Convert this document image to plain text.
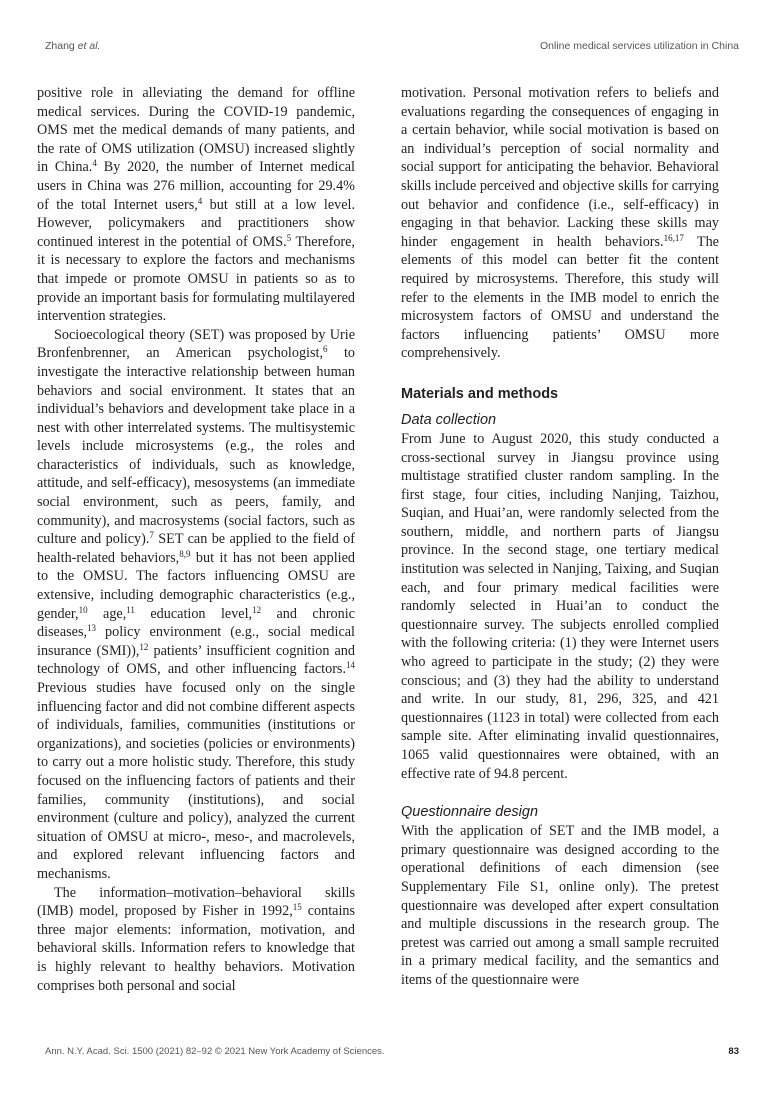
Zhang et al.	Online medical services utilization in China

positive role in alleviating the demand for offline medical services. During the COVID-19 pandemic, OMS met the medical demands of many patients, and the rate of OMS utilization (OMSU) increased slightly in China.$^4$ By 2020, the number of Internet medical users in China was 276 million, accounting for 29.4% of the total Internet users,$^4$ but still at a low level. However, policymakers and practitioners show continued interest in the potential of OMS.$^5$ Therefore, it is necessary to explore the factors and mechanisms that impede or promote OMSU in patients so as to provide an important basis for formulating multilayered intervention strategies.

Socioecological theory (SET) was proposed by Urie Bronfenbrenner, an American psychologist,$^6$ to investigate the interactive relationship between human behaviors and social environment. It states that an individual’s behaviors and development take place in a nest with other interrelated systems. The multisystemic levels include microsystems (e.g., the roles and characteristics of individuals, such as knowledge, attitude, and self-efficacy), mesosystems (an immediate social environment, such as peers, family, and community), and macrosystems (social factors, such as culture and policy).$^7$ SET can be applied to the field of health-related behaviors,$^{8,9}$ but it has not been applied to the OMSU. The factors influencing OMSU are extensive, including demographic characteristics (e.g., gender,$^{10}$ age,$^{11}$ education level,$^{12}$ and chronic diseases,$^{13}$ policy environment (e.g., social medical insurance (SMI)),$^{12}$ patients’ insufficient cognition and technology of OMS, and other influencing factors.$^{14}$ Previous studies have focused only on the single influencing factor and did not combine different aspects of individuals, families, communities (institutions or organizations), and societies (policies or environments) to carry out a more holistic study. Therefore, this study focused on the influencing factors of patients and their families, community (institutions), and social environment (culture and policy), analyzed the current situation of OMSU at micro-, meso-, and macrolevels, and explored relevant influencing factors and mechanisms.

The information–motivation–behavioral skills (IMB) model, proposed by Fisher in 1992,15 contains three major elements: information, motivation, and behavioral skills. Information refers to knowledge that is highly relevant to healthy behaviors. Motivation comprises both personal and social

motivation. Personal motivation refers to beliefs and evaluations regarding the consequences of engaging in a certain behavior, while social motivation is based on an individual’s perception of social normality and social support for anticipating the behavior. Behavioral skills include perceived and objective skills for carrying out behavior and confidence (i.e., self-efficacy) in engaging in that behavior. Lacking these skills may hinder engagement in health behaviors.$^{16,17}$ The elements of this model can better fit the content required by microsystems. Therefore, this study will refer to the elements in the IMB model to enrich the microsystem factors of OMSU and understand the factors influencing patients’ OMSU more comprehensively.

Materials and methods
Data collection

From June to August 2020, this study conducted a cross-sectional survey in Jiangsu province using multistage stratified cluster random sampling. In the first stage, four cities, including Nanjing, Taizhou, Suqian, and Huai’an, were randomly selected from the southern, middle, and northern parts of Jiangsu province. In the second stage, one tertiary medical institution was selected in Nanjing, Taixing, and Suqian each, and four primary medical facilities were randomly selected in Huai’an to conduct the questionnaire survey. The subjects enrolled complied with the following criteria: (1) they were Internet users who agreed to participate in the study; (2) they were conscious; and (3) they had the ability to understand and write. In our study, 81, 296, 325, and 421 questionnaires (1123 in total) were collected from each sample site. After eliminating invalid questionnaires, 1065 valid questionnaires were obtained, with an effective rate of 94.8 percent.

Questionnaire design

With the application of SET and the IMB model, a primary questionnaire was designed according to the operational definitions of each dimension (see Supplementary File S1, online only). The pretest questionnaire was developed after expert consultation and multiple discussions in the research group. The pretest was carried out among a small sample recruited in a primary medical facility, and the semantics and items of the questionnaire were

Ann. N.Y. Acad. Sci. 1500 (2021) 82–92 © 2021 New York Academy of Sciences.	83
